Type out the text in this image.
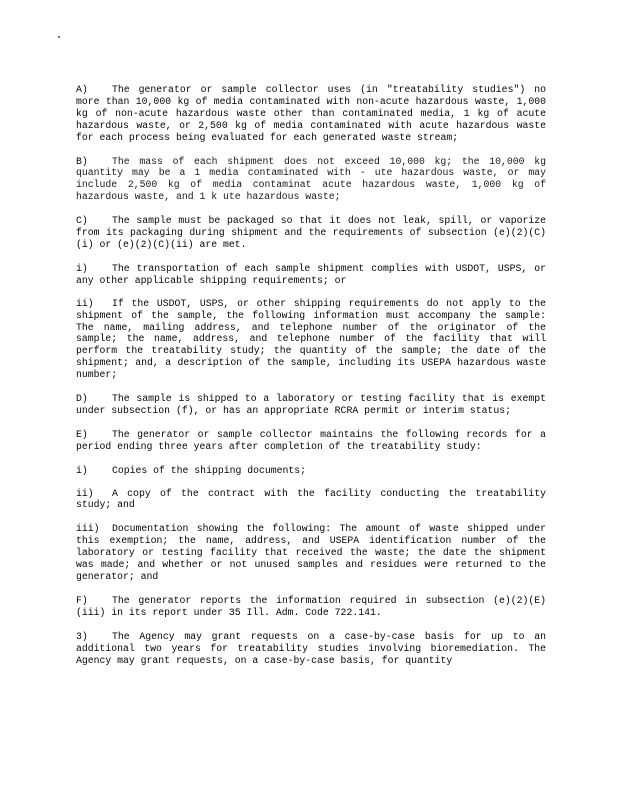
A) The generator or sample collector uses (in "treatability studies") no more than 10,000 kg of media contaminated with non-acute hazardous waste, 1,000 kg of non-acute hazardous waste other than contaminated media, 1 kg of acute hazardous waste, or 2,500 kg of media contaminated with acute hazardous waste for each process being evaluated for each generated waste stream;

B) The mass of each shipment does not exceed 10,000 kg; the 10,000 kg quantity may be a 1 media contaminated with - ute hazardous waste, or may include 2,500 kg of media contaminat acute hazardous waste, 1,000 kg of hazardous waste, and 1 k ute hazardous waste;

C) The sample must be packaged so that it does not leak, spill, or vaporize from its packaging during shipment and the requirements of subsection (e)(2)(C)(i) or (e)(2)(C)(ii) are met.

i) The transportation of each sample shipment complies with USDOT, USPS, or any other applicable shipping requirements; or

ii) If the USDOT, USPS, or other shipping requirements do not apply to the shipment of the sample, the following information must accompany the sample: The name, mailing address, and telephone number of the originator of the sample; the name, address, and telephone number of the facility that will perform the treatability study; the quantity of the sample; the date of the shipment; and, a description of the sample, including its USEPA hazardous waste number;

D) The sample is shipped to a laboratory or testing facility that is exempt under subsection (f), or has an appropriate RCRA permit or interim status;

E) The generator or sample collector maintains the following records for a period ending three years after completion of the treatability study:

i) Copies of the shipping documents;

ii) A copy of the contract with the facility conducting the treatability study; and

iii) Documentation showing the following: The amount of waste shipped under this exemption; the name, address, and USEPA identification number of the laboratory or testing facility that received the waste; the date the shipment was made; and whether or not unused samples and residues were returned to the generator; and

F) The generator reports the information required in subsection (e)(2)(E)(iii) in its report under 35 Ill. Adm. Code 722.141.

3) The Agency may grant requests on a case-by-case basis for up to an additional two years for treatability studies involving bioremediation. The Agency may grant requests, on a case-by-case basis, for quantity
